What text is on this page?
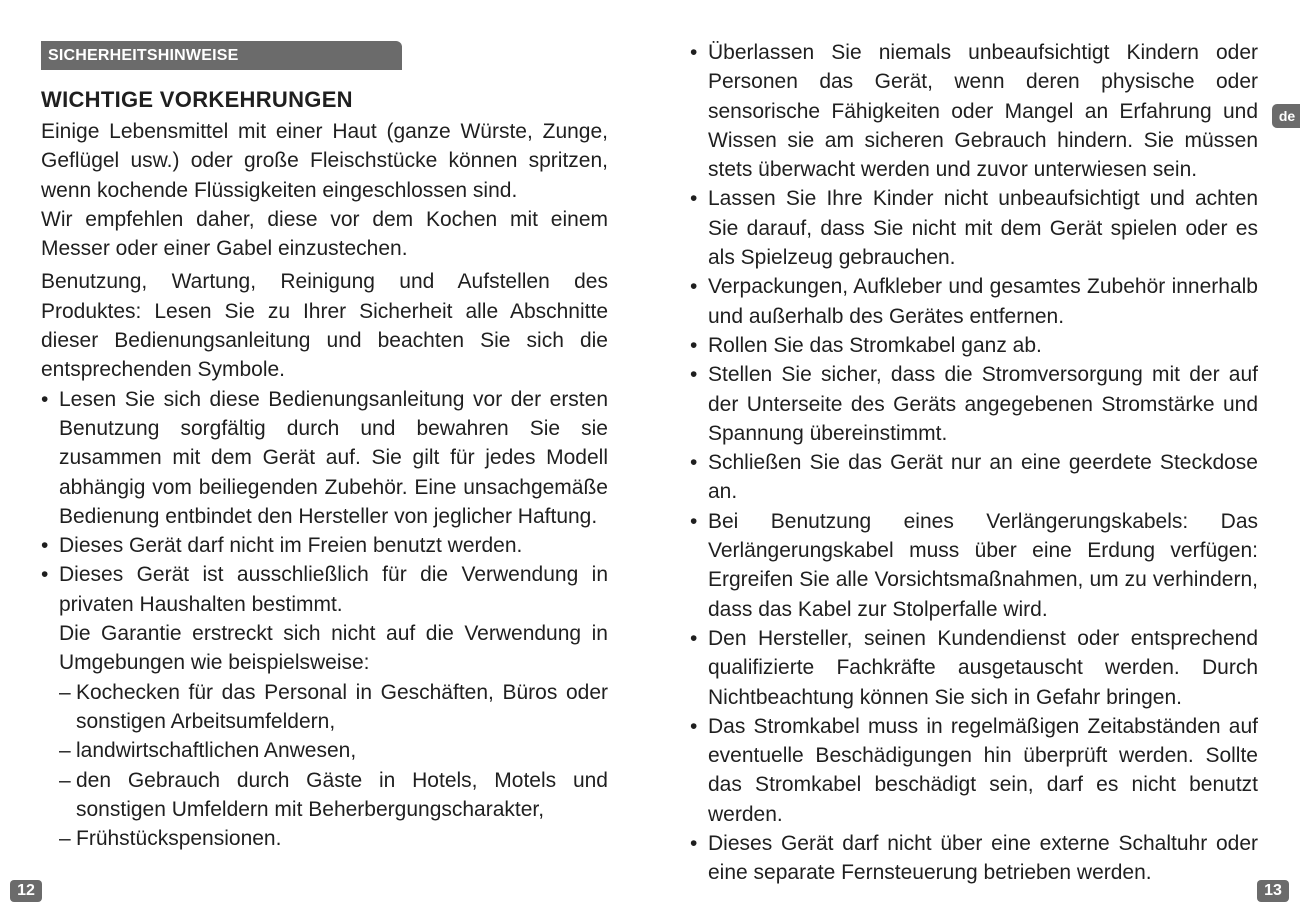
SICHERHEITSHINWEISE
WICHTIGE VORKEHRUNGEN

Einige Lebensmittel mit einer Haut (ganze Würste, Zunge, Geflügel usw.) oder große Fleischstücke können spritzen, wenn kochende Flüssigkeiten eingeschlossen sind.

Wir empfehlen daher, diese vor dem Kochen mit einem Messer oder einer Gabel einzustechen.

Benutzung, Wartung, Reinigung und Aufstellen des Produktes: Lesen Sie zu Ihrer Sicherheit alle Abschnitte dieser Bedienungsanleitung und beachten Sie sich die entsprechenden Symbole.

• Lesen Sie sich diese Bedienungsanleitung vor der ersten Benutzung sorgfältig durch und bewahren Sie sie zusammen mit dem Gerät auf. Sie gilt für jedes Modell abhängig vom beiliegenden Zubehör. Eine unsachgemäße Bedienung entbindet den Hersteller von jeglicher Haftung.
• Dieses Gerät darf nicht im Freien benutzt werden.
• Dieses Gerät ist ausschließlich für die Verwendung in privaten Haushalten bestimmt.
Die Garantie erstreckt sich nicht auf die Verwendung in Umgebungen wie beispielsweise:
– Kochecken für das Personal in Geschäften, Büros oder sonstigen Arbeitsumfeldern,
– landwirtschaftlichen Anwesen,
– den Gebrauch durch Gäste in Hotels, Motels und sonstigen Umfeldern mit Beherbergungscharakter,
– Frühstückspensionen.
• Überlassen Sie niemals unbeaufsichtigt Kindern oder Personen das Gerät, wenn deren physische oder sensorische Fähigkeiten oder Mangel an Erfahrung und Wissen sie am sicheren Gebrauch hindern. Sie müssen stets überwacht werden und zuvor unterwiesen sein.
• Lassen Sie Ihre Kinder nicht unbeaufsichtigt und achten Sie darauf, dass Sie nicht mit dem Gerät spielen oder es als Spielzeug gebrauchen.
• Verpackungen, Aufkleber und gesamtes Zubehör innerhalb und außerhalb des Gerätes entfernen.
• Rollen Sie das Stromkabel ganz ab.
• Stellen Sie sicher, dass die Stromversorgung mit der auf der Unterseite des Geräts angegebenen Stromstärke und Spannung übereinstimmt.
• Schließen Sie das Gerät nur an eine geerdete Steckdose an.
• Bei Benutzung eines Verlängerungskabels: Das Verlängerungskabel muss über eine Erdung verfügen: Ergreifen Sie alle Vorsichtsmaßnahmen, um zu verhindern, dass das Kabel zur Stolperfalle wird.
• Den Hersteller, seinen Kundendienst oder entsprechend qualifizierte Fachkräfte ausgetauscht werden. Durch Nichtbeachtung können Sie sich in Gefahr bringen.
• Das Stromkabel muss in regelmäßigen Zeitabständen auf eventuelle Beschädigungen hin überprüft werden. Sollte das Stromkabel beschädigt sein, darf es nicht benutzt werden.
• Dieses Gerät darf nicht über eine externe Schaltuhr oder eine separate Fernsteuerung betrieben werden.
de
12	13
